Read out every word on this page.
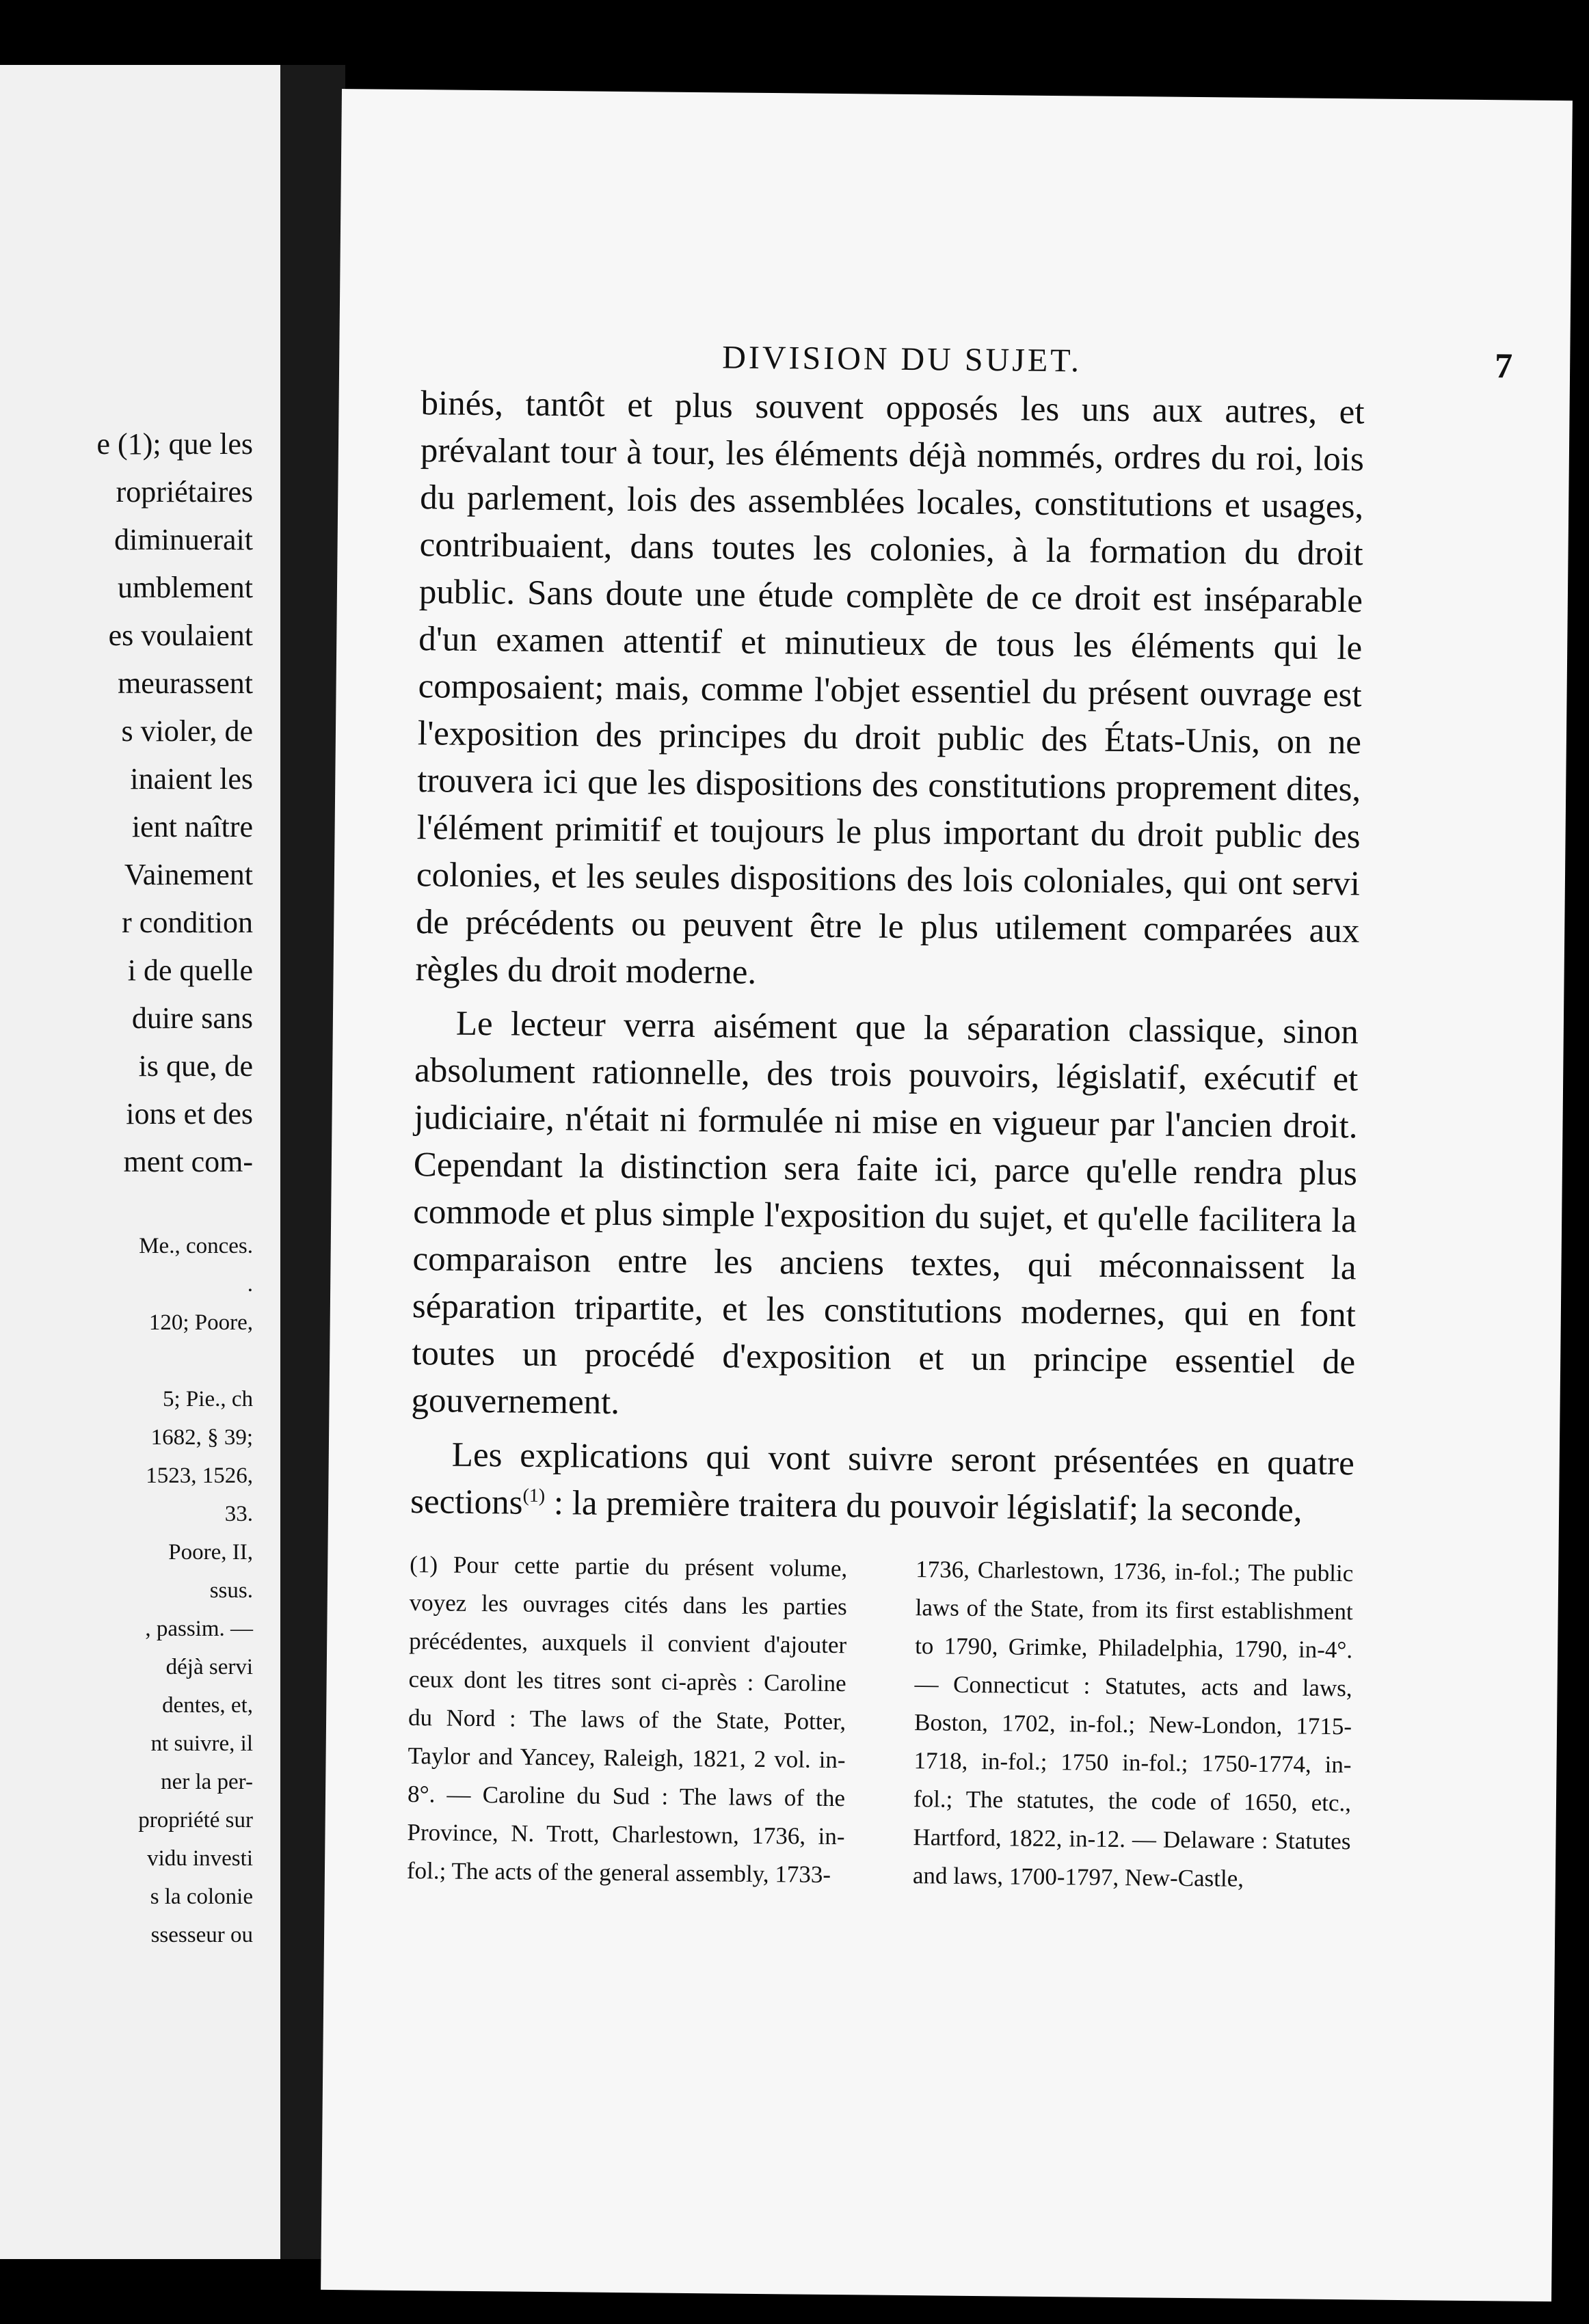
e (1); que les
ropriétaires
diminuerait
umblement
es voulaient
meurassent
s violer, de
inaient les
ient naître
Vainement
r condition
i de quelle
duire sans
is que, de
ions et des
ment com-
Me., conces.
.
120; Poore,

5; Pie., ch
1682, § 39;
1523, 1526,
33.
Poore, II,
ssus.
, passim. —
déjà servi
dentes, et,
nt suivre, il
ner la per-
propriété sur
vidu investi
s la colonie
ssesseur ou
DIVISION DU SUJET.	7

binés, tantôt et plus souvent opposés les uns aux autres, et prévalant tour à tour, les éléments déjà nommés, ordres du roi, lois du parlement, lois des assemblées locales, constitutions et usages, contribuaient, dans toutes les colonies, à la formation du droit public. Sans doute une étude complète de ce droit est inséparable d'un examen attentif et minutieux de tous les éléments qui le composaient; mais, comme l'objet essentiel du présent ouvrage est l'exposition des principes du droit public des États-Unis, on ne trouvera ici que les dispositions des constitutions proprement dites, l'élément primitif et toujours le plus important du droit public des colonies, et les seules dispositions des lois coloniales, qui ont servi de précédents ou peuvent être le plus utilement comparées aux règles du droit moderne.

Le lecteur verra aisément que la séparation classique, sinon absolument rationnelle, des trois pouvoirs, législatif, exécutif et judiciaire, n'était ni formulée ni mise en vigueur par l'ancien droit. Cependant la distinction sera faite ici, parce qu'elle rendra plus commode et plus simple l'exposition du sujet, et qu'elle facilitera la comparaison entre les anciens textes, qui méconnaissent la séparation tripartite, et les constitutions modernes, qui en font toutes un procédé d'exposition et un principe essentiel de gouvernement.

Les explications qui vont suivre seront présentées en quatre sections$^{(1)}$ : la première traitera du pouvoir législatif; la seconde,

(1) Pour cette partie du présent volume, voyez les ouvrages cités dans les parties précédentes, auxquels il convient d'ajouter ceux dont les titres sont ci-après : Caroline du Nord : The laws of the State, Potter, Taylor and Yancey, Raleigh, 1821, 2 vol. in-8°. — Caroline du Sud : The laws of the Province, N. Trott, Charlestown, 1736, in-fol.; The acts of the general assembly, 1733-
1736, Charlestown, 1736, in-fol.; The public laws of the State, from its first establishment to 1790, Grimke, Philadelphia, 1790, in-4°. — Connecticut : Statutes, acts and laws, Boston, 1702, in-fol.; New-London, 1715-1718, in-fol.; 1750 in-fol.; 1750-1774, in-fol.; The statutes, the code of 1650, etc., Hartford, 1822, in-12. — Delaware : Statutes and laws, 1700-1797, New-Castle,
